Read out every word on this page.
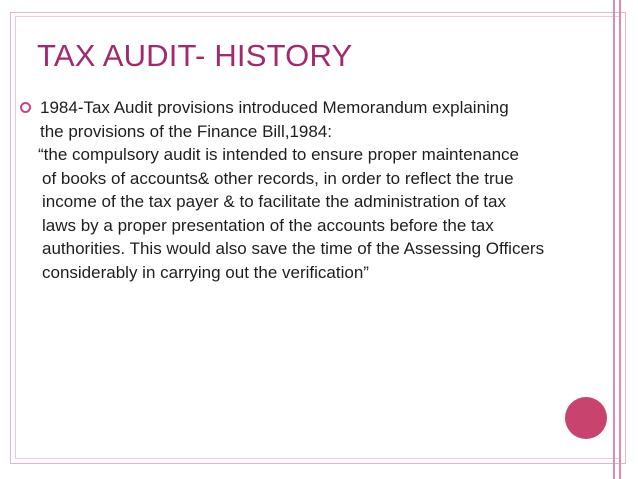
TAX AUDIT- HISTORY
1984-Tax Audit provisions introduced Memorandum explaining
the provisions of the Finance Bill,1984:
“the compulsory audit is intended to ensure proper maintenance
of books of accounts& other records, in order to reflect the true
income of the tax payer & to facilitate the administration of tax
laws by a proper presentation of the accounts before the tax
authorities. This would also save the time of the Assessing Officers
considerably in carrying out the verification”
